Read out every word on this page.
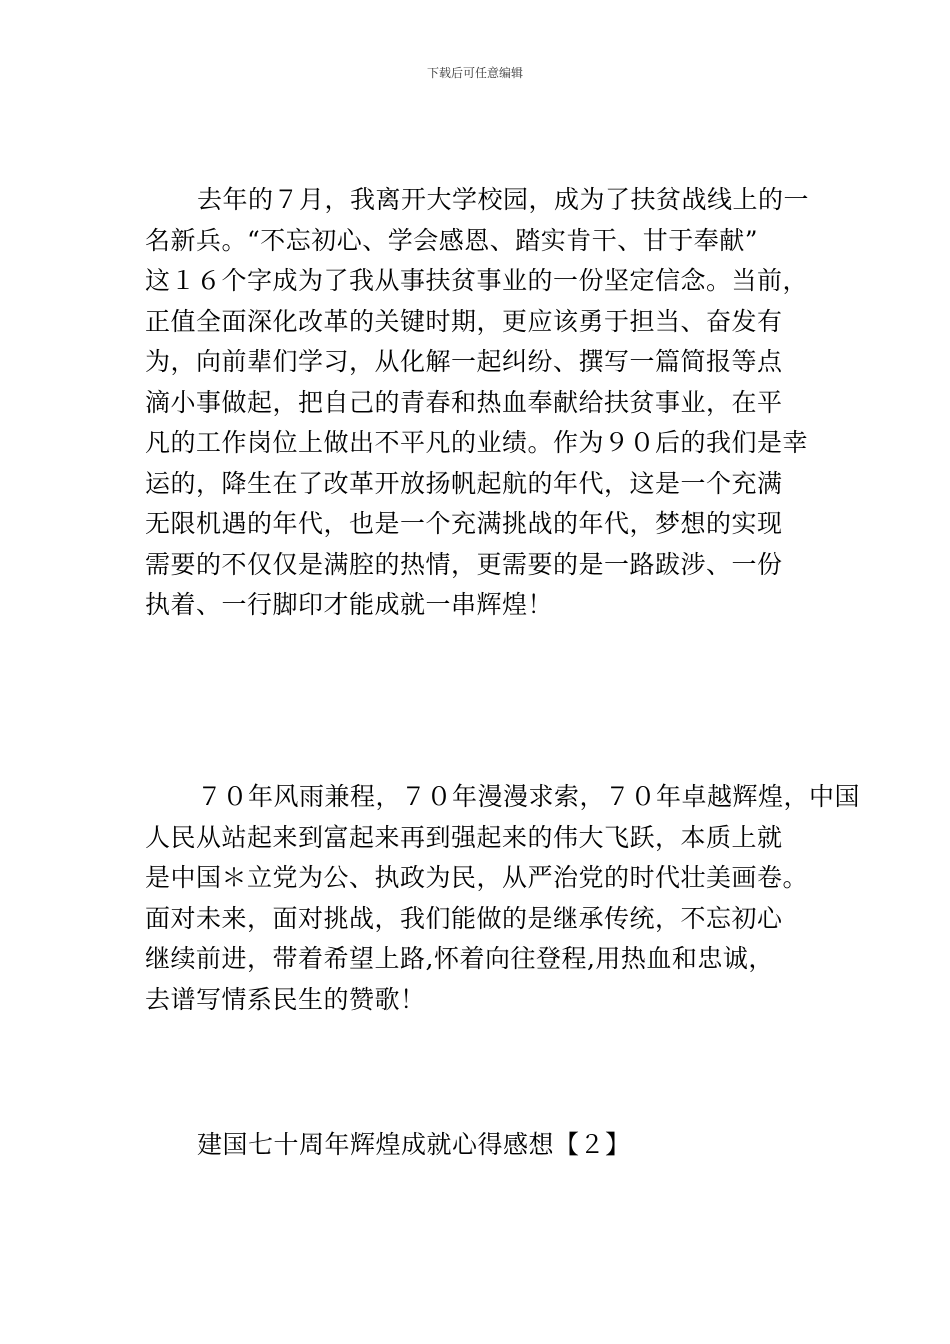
下载后可任意编辑
去年的７月，我离开大学校园，成为了扶贫战线上的一
名新兵。“不忘初心、学会感恩、踏实肯干、甘于奉献”
这１６个字成为了我从事扶贫事业的一份坚定信念。当前，
正值全面深化改革的关键时期，更应该勇于担当、奋发有
为，向前辈们学习，从化解一起纠纷、撰写一篇简报等点
滴小事做起，把自己的青春和热血奉献给扶贫事业，在平
凡的工作岗位上做出不平凡的业绩。作为９０后的我们是幸
运的，降生在了改革开放扬帆起航的年代，这是一个充满
无限机遇的年代，也是一个充满挑战的年代，梦想的实现
需要的不仅仅是满腔的热情，更需要的是一路跋涉、一份
执着、一行脚印才能成就一串辉煌！
７０年风雨兼程，７０年漫漫求索，７０年卓越辉煌，中国
人民从站起来到富起来再到强起来的伟大飞跃，本质上就
是中国＊立党为公、执政为民，从严治党的时代壮美画卷。
面对未来，面对挑战，我们能做的是继承传统，不忘初心
继续前进，带着希望上路,怀着向往登程,用热血和忠诚，
去谱写情系民生的赞歌！
建国七十周年辉煌成就心得感想【２】
